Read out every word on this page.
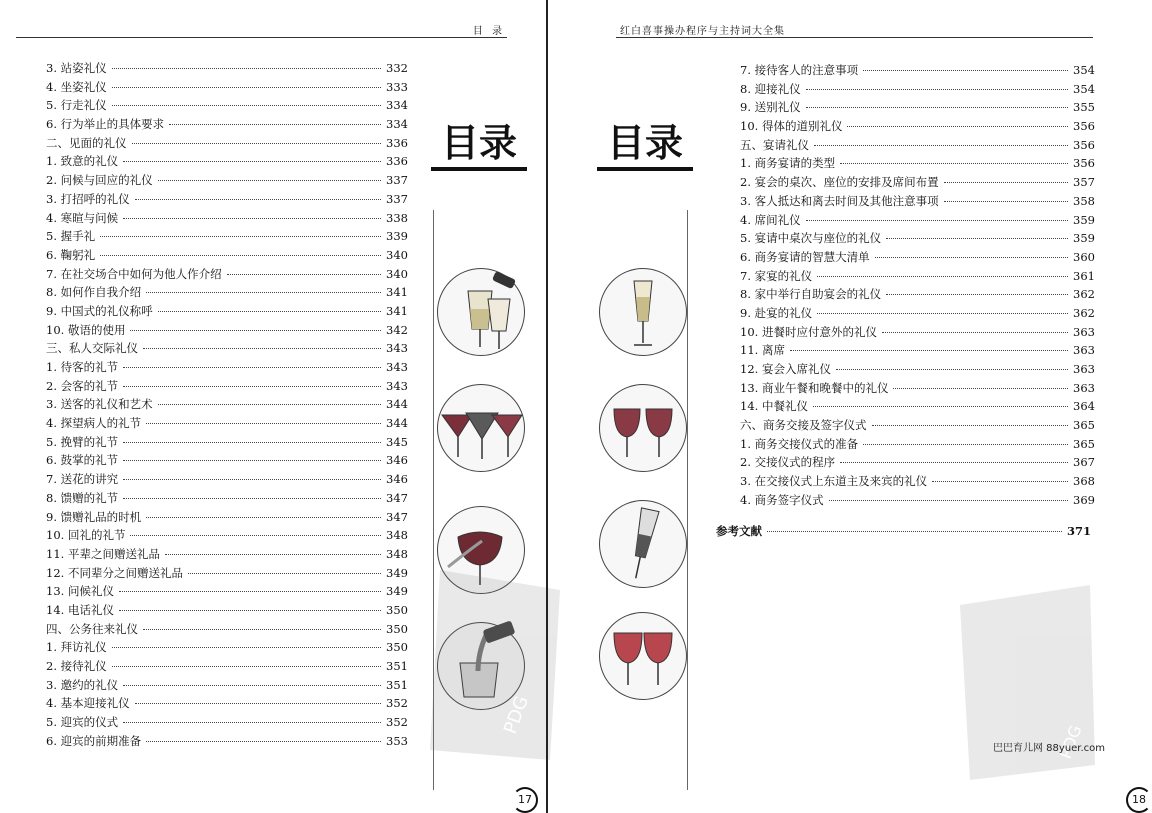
目 录
3. 站姿礼仪	332
4. 坐姿礼仪	333
5. 行走礼仪	334
6. 行为举止的具体要求	334
二、见面的礼仪	336
1. 致意的礼仪	336
2. 问候与回应的礼仪	337
3. 打招呼的礼仪	337
4. 寒暄与问候	338
5. 握手礼	339
6. 鞠躬礼	340
7. 在社交场合中如何为他人作介绍	340
8. 如何作自我介绍	341
9. 中国式的礼仪称呼	341
10. 敬语的使用	342
三、私人交际礼仪	343
1. 待客的礼节	343
2. 会客的礼节	343
3. 送客的礼仪和艺术	344
4. 探望病人的礼节	344
5. 挽臂的礼节	345
6. 鼓掌的礼节	346
7. 送花的讲究	346
8. 馈赠的礼节	347
9. 馈赠礼品的时机	347
10. 回礼的礼节	348
11. 平辈之间赠送礼品	348
12. 不同辈分之间赠送礼品	349
13. 问候礼仪	349
14. 电话礼仪	350
四、公务往来礼仪	350
1. 拜访礼仪	350
2. 接待礼仪	351
3. 邀约的礼仪	351
4. 基本迎接礼仪	352
5. 迎宾的仪式	352
6. 迎宾的前期准备	353
目录
PDG
17
红白喜事操办程序与主持词大全集
目录
7. 接待客人的注意事项	354
8. 迎接礼仪	354
9. 送别礼仪	355
10. 得体的道别礼仪	356
五、宴请礼仪	356
1. 商务宴请的类型	356
2. 宴会的桌次、座位的安排及席间布置	357
3. 客人抵达和离去时间及其他注意事项	358
4. 席间礼仪	359
5. 宴请中桌次与座位的礼仪	359
6. 商务宴请的智慧大清单	360
7. 家宴的礼仪	361
8. 家中举行自助宴会的礼仪	362
9. 赴宴的礼仪	362
10. 进餐时应付意外的礼仪	363
11. 离席	363
12. 宴会入席礼仪	363
13. 商业午餐和晚餐中的礼仪	363
14. 中餐礼仪	364
六、商务交接及签字仪式	365
1. 商务交接仪式的准备	365
2. 交接仪式的程序	367
3. 在交接仪式上东道主及来宾的礼仪	368
4. 商务签字仪式	369
参考文献	371
18
PDG
巴巴育儿网 88yuer.com
